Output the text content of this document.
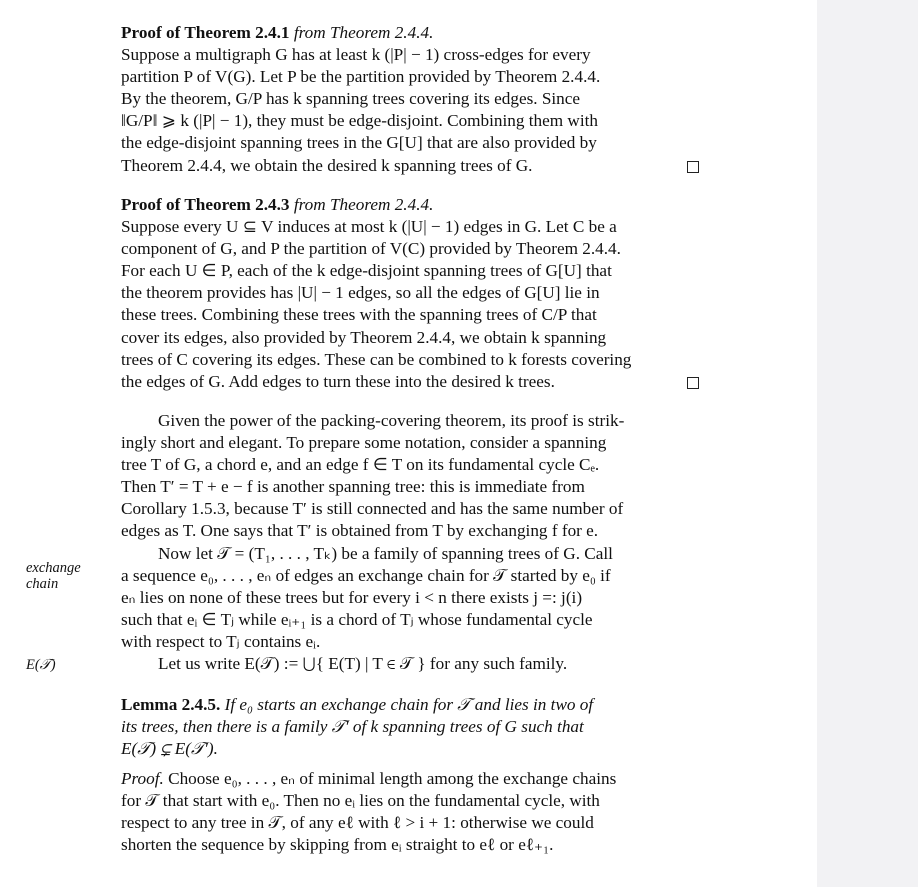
Proof of Theorem 2.4.1 from Theorem 2.4.4.
Suppose a multigraph G has at least k (|P| − 1) cross-edges for every
partition P of V(G). Let P be the partition provided by Theorem 2.4.4.
By the theorem, G/P has k spanning trees covering its edges. Since
‖G/P‖ ⩾ k (|P| − 1), they must be edge-disjoint. Combining them with
the edge-disjoint spanning trees in the G[U] that are also provided by
Theorem 2.4.4, we obtain the desired k spanning trees of G.
Proof of Theorem 2.4.3 from Theorem 2.4.4.
Suppose every U ⊆ V induces at most k (|U| − 1) edges in G. Let C be a
component of G, and P the partition of V(C) provided by Theorem 2.4.4.
For each U ∈ P, each of the k edge-disjoint spanning trees of G[U] that
the theorem provides has |U| − 1 edges, so all the edges of G[U] lie in
these trees. Combining these trees with the spanning trees of C/P that
cover its edges, also provided by Theorem 2.4.4, we obtain k spanning
trees of C covering its edges. These can be combined to k forests covering
the edges of G. Add edges to turn these into the desired k trees.
Given the power of the packing-covering theorem, its proof is strik-
ingly short and elegant. To prepare some notation, consider a spanning
tree T of G, a chord e, and an edge f ∈ T on its fundamental cycle Cₑ.
Then T′ = T + e − f is another spanning tree: this is immediate from
Corollary 1.5.3, because T′ is still connected and has the same number of
edges as T. One says that T′ is obtained from T by exchanging f for e.
Now let 𝒯 = (T₁, . . . , Tₖ) be a family of spanning trees of G. Call
a sequence e₀, . . . , eₙ of edges an exchange chain for 𝒯 started by e₀ if
eₙ lies on none of these trees but for every i < n there exists j =: j(i)
such that eᵢ ∈ Tⱼ while eᵢ₊₁ is a chord of Tⱼ whose fundamental cycle
with respect to Tⱼ contains eᵢ.
Let us write E(𝒯) := ⋃{ E(T) | T ∈ 𝒯 } for any such family.
exchange
chain
E(𝒯)
Lemma 2.4.5. If e₀ starts an exchange chain for 𝒯 and lies in two of
its trees, then there is a family 𝒯′ of k spanning trees of G such that
E(𝒯) ⊊ E(𝒯′).
Proof. Choose e₀, . . . , eₙ of minimal length among the exchange chains
for 𝒯 that start with e₀. Then no eᵢ lies on the fundamental cycle, with
respect to any tree in 𝒯, of any eℓ with ℓ > i + 1: otherwise we could
shorten the sequence by skipping from eᵢ straight to eℓ or eℓ₊₁.
